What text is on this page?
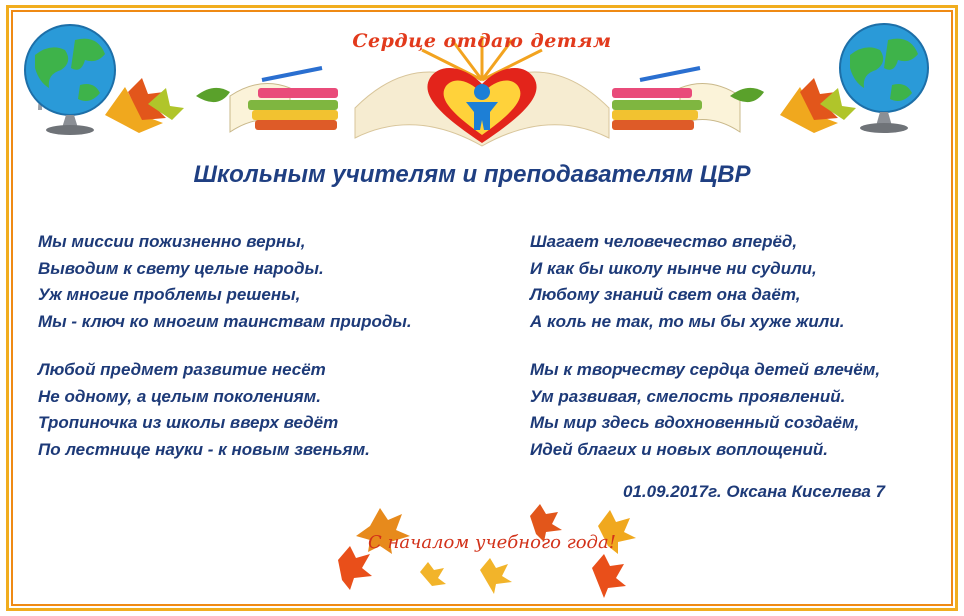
Сердце отдаю детям
Школьным учителям и преподавателям ЦВР
Мы миссии пожизненно верны,
Выводим к свету целые народы.
Уж многие проблемы решены,
Мы - ключ ко многим таинствам природы.
Любой предмет развитие несёт
Не одному, а целым поколениям.
Тропиночка из школы вверх ведёт
По лестнице науки - к новым звеньям.
Шагает человечество вперёд,
И как бы школу нынче ни судили,
Любому знаний свет она даёт,
А коль не так, то мы бы хуже жили.
Мы к творчеству сердца детей влечём,
Ум развивая, смелость проявлений.
Мы мир здесь вдохновенный создаём,
Идей благих и новых воплощений.
01.09.2017г. Оксана Киселева 7
С началом учебного года!
